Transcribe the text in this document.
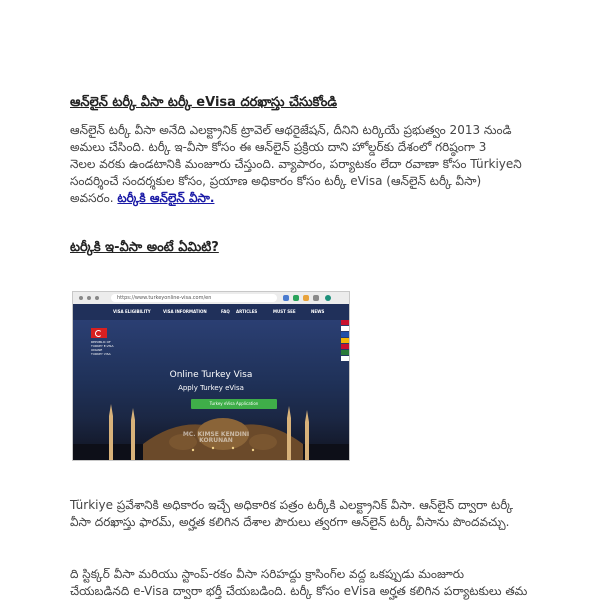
ఆన్‌లైన్ టర్కీ వీసా టర్కీ eVisa దరఖాస్తు చేసుకోండి
ఆన్‌లైన్ టర్కీ వీసా అనేది ఎలక్ట్రానిక్ ట్రావెల్ ఆథరైజేషన్, దీనిని టర్కియే ప్రభుత్వం 2013 నుండి
అమలు చేసింది. టర్కీ ఇ-వీసా కోసం ఈ ఆన్‌లైన్ ప్రక్రియ దాని హోల్డర్‌కు దేశంలో గరిష్ఠంగా 3
నెలల వరకు ఉండటానికి మంజూరు చేస్తుంది. వ్యాపారం, పర్యాటకం లేదా రవాణా కోసం Türkiyeని
సందర్శించే సందర్శకుల కోసం, ప్రయాణ అధికారం కోసం టర్కీ eVisa (ఆన్‌లైన్ టర్కీ వీసా)
అవసరం. టర్కీకి ఆన్‌లైన్ వీసా.
టర్కీకి ఇ-వీసా అంటే ఏమిటి?
https://www.turkeyonline-visa.com/en
VISA ELIGIBILITY	VISA INFORMATION	FAQ ARTICLES	MUST SEE	NEWS
REPUBLIC OF TURKEY E-VISA ONLINE TURKEY VISA
Online Turkey Visa
Apply Turkey eVisa
Turkey eVisa Application
MC. KIMSE KENDINI KORUNAN
Türkiye ప్రవేశానికి అధికారం ఇచ్చే అధికారిక పత్రం టర్కీకి ఎలక్ట్రానిక్ వీసా. ఆన్‌లైన్ ద్వారా టర్కీ
వీసా దరఖాస్తు ఫారమ్, అర్హత కలిగిన దేశాల పౌరులు త్వరగా ఆన్‌లైన్ టర్కీ వీసాను పొందవచ్చు.
ది స్టిక్కర్ వీసా మరియు స్టాంప్-రకం వీసా సరిహద్దు క్రాసింగ్‌ల వద్ద ఒకప్పుడు మంజూరు
చేయబడినది e-Visa ద్వారా భర్తీ చేయబడింది. టర్కీ కోసం eVisa అర్హత కలిగిన పర్యాటకులు తమ
